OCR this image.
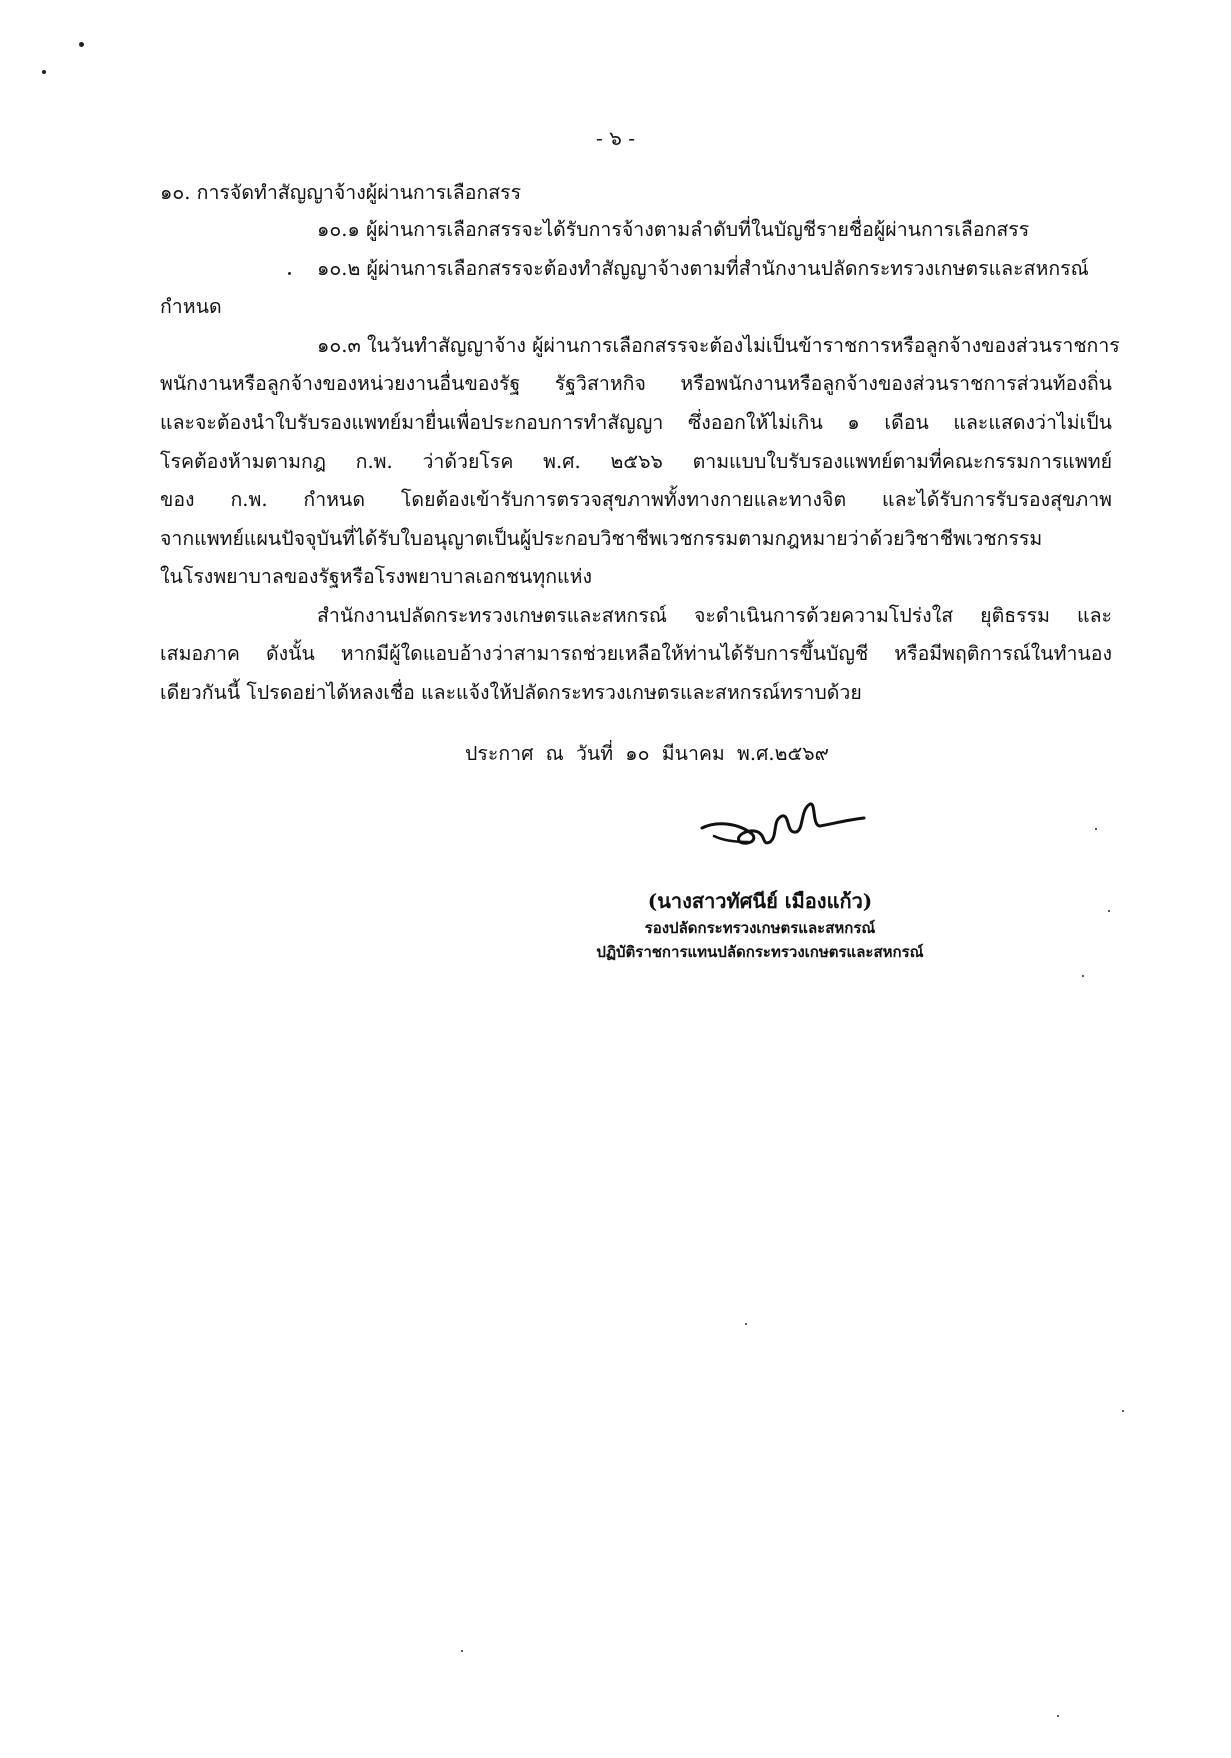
- ๖ -
๑๐. การจัดทำสัญญาจ้างผู้ผ่านการเลือกสรร
๑๐.๑ ผู้ผ่านการเลือกสรรจะได้รับการจ้างตามลำดับที่ในบัญชีรายชื่อผู้ผ่านการเลือกสรร
๑๐.๒ ผู้ผ่านการเลือกสรรจะต้องทำสัญญาจ้างตามที่สำนักงานปลัดกระทรวงเกษตรและสหกรณ์
กำหนด
๑๐.๓ ในวันทำสัญญาจ้าง ผู้ผ่านการเลือกสรรจะต้องไม่เป็นข้าราชการหรือลูกจ้างของส่วนราชการ
พนักงานหรือลูกจ้างของหน่วยงานอื่นของรัฐ รัฐวิสาหกิจ หรือพนักงานหรือลูกจ้างของส่วนราชการส่วนท้องถิ่น
และจะต้องนำใบรับรองแพทย์มายื่นเพื่อประกอบการทำสัญญา ซึ่งออกให้ไม่เกิน ๑ เดือน และแสดงว่าไม่เป็น
โรคต้องห้ามตามกฎ ก.พ. ว่าด้วยโรค พ.ศ. ๒๕๖๖ ตามแบบใบรับรองแพทย์ตามที่คณะกรรมการแพทย์
ของ ก.พ. กำหนด โดยต้องเข้ารับการตรวจสุขภาพทั้งทางกายและทางจิต และได้รับการรับรองสุขภาพ
จากแพทย์แผนปัจจุบันที่ได้รับใบอนุญาตเป็นผู้ประกอบวิชาชีพเวชกรรมตามกฎหมายว่าด้วยวิชาชีพเวชกรรม
ในโรงพยาบาลของรัฐหรือโรงพยาบาลเอกชนทุกแห่ง
สำนักงานปลัดกระทรวงเกษตรและสหกรณ์ จะดำเนินการด้วยความโปร่งใส ยุติธรรม และ
เสมอภาค ดังนั้น หากมีผู้ใดแอบอ้างว่าสามารถช่วยเหลือให้ท่านได้รับการขึ้นบัญชี หรือมีพฤติการณ์ในทำนอง
เดียวกันนี้ โปรดอย่าได้หลงเชื่อ และแจ้งให้ปลัดกระทรวงเกษตรและสหกรณ์ทราบด้วย
ประกาศ ณ วันที่ ๑๐ มีนาคม พ.ศ.๒๕๖๙
(นางสาวทัศนีย์ เมืองแก้ว)
รองปลัดกระทรวงเกษตรและสหกรณ์
ปฏิบัติราชการแทนปลัดกระทรวงเกษตรและสหกรณ์
